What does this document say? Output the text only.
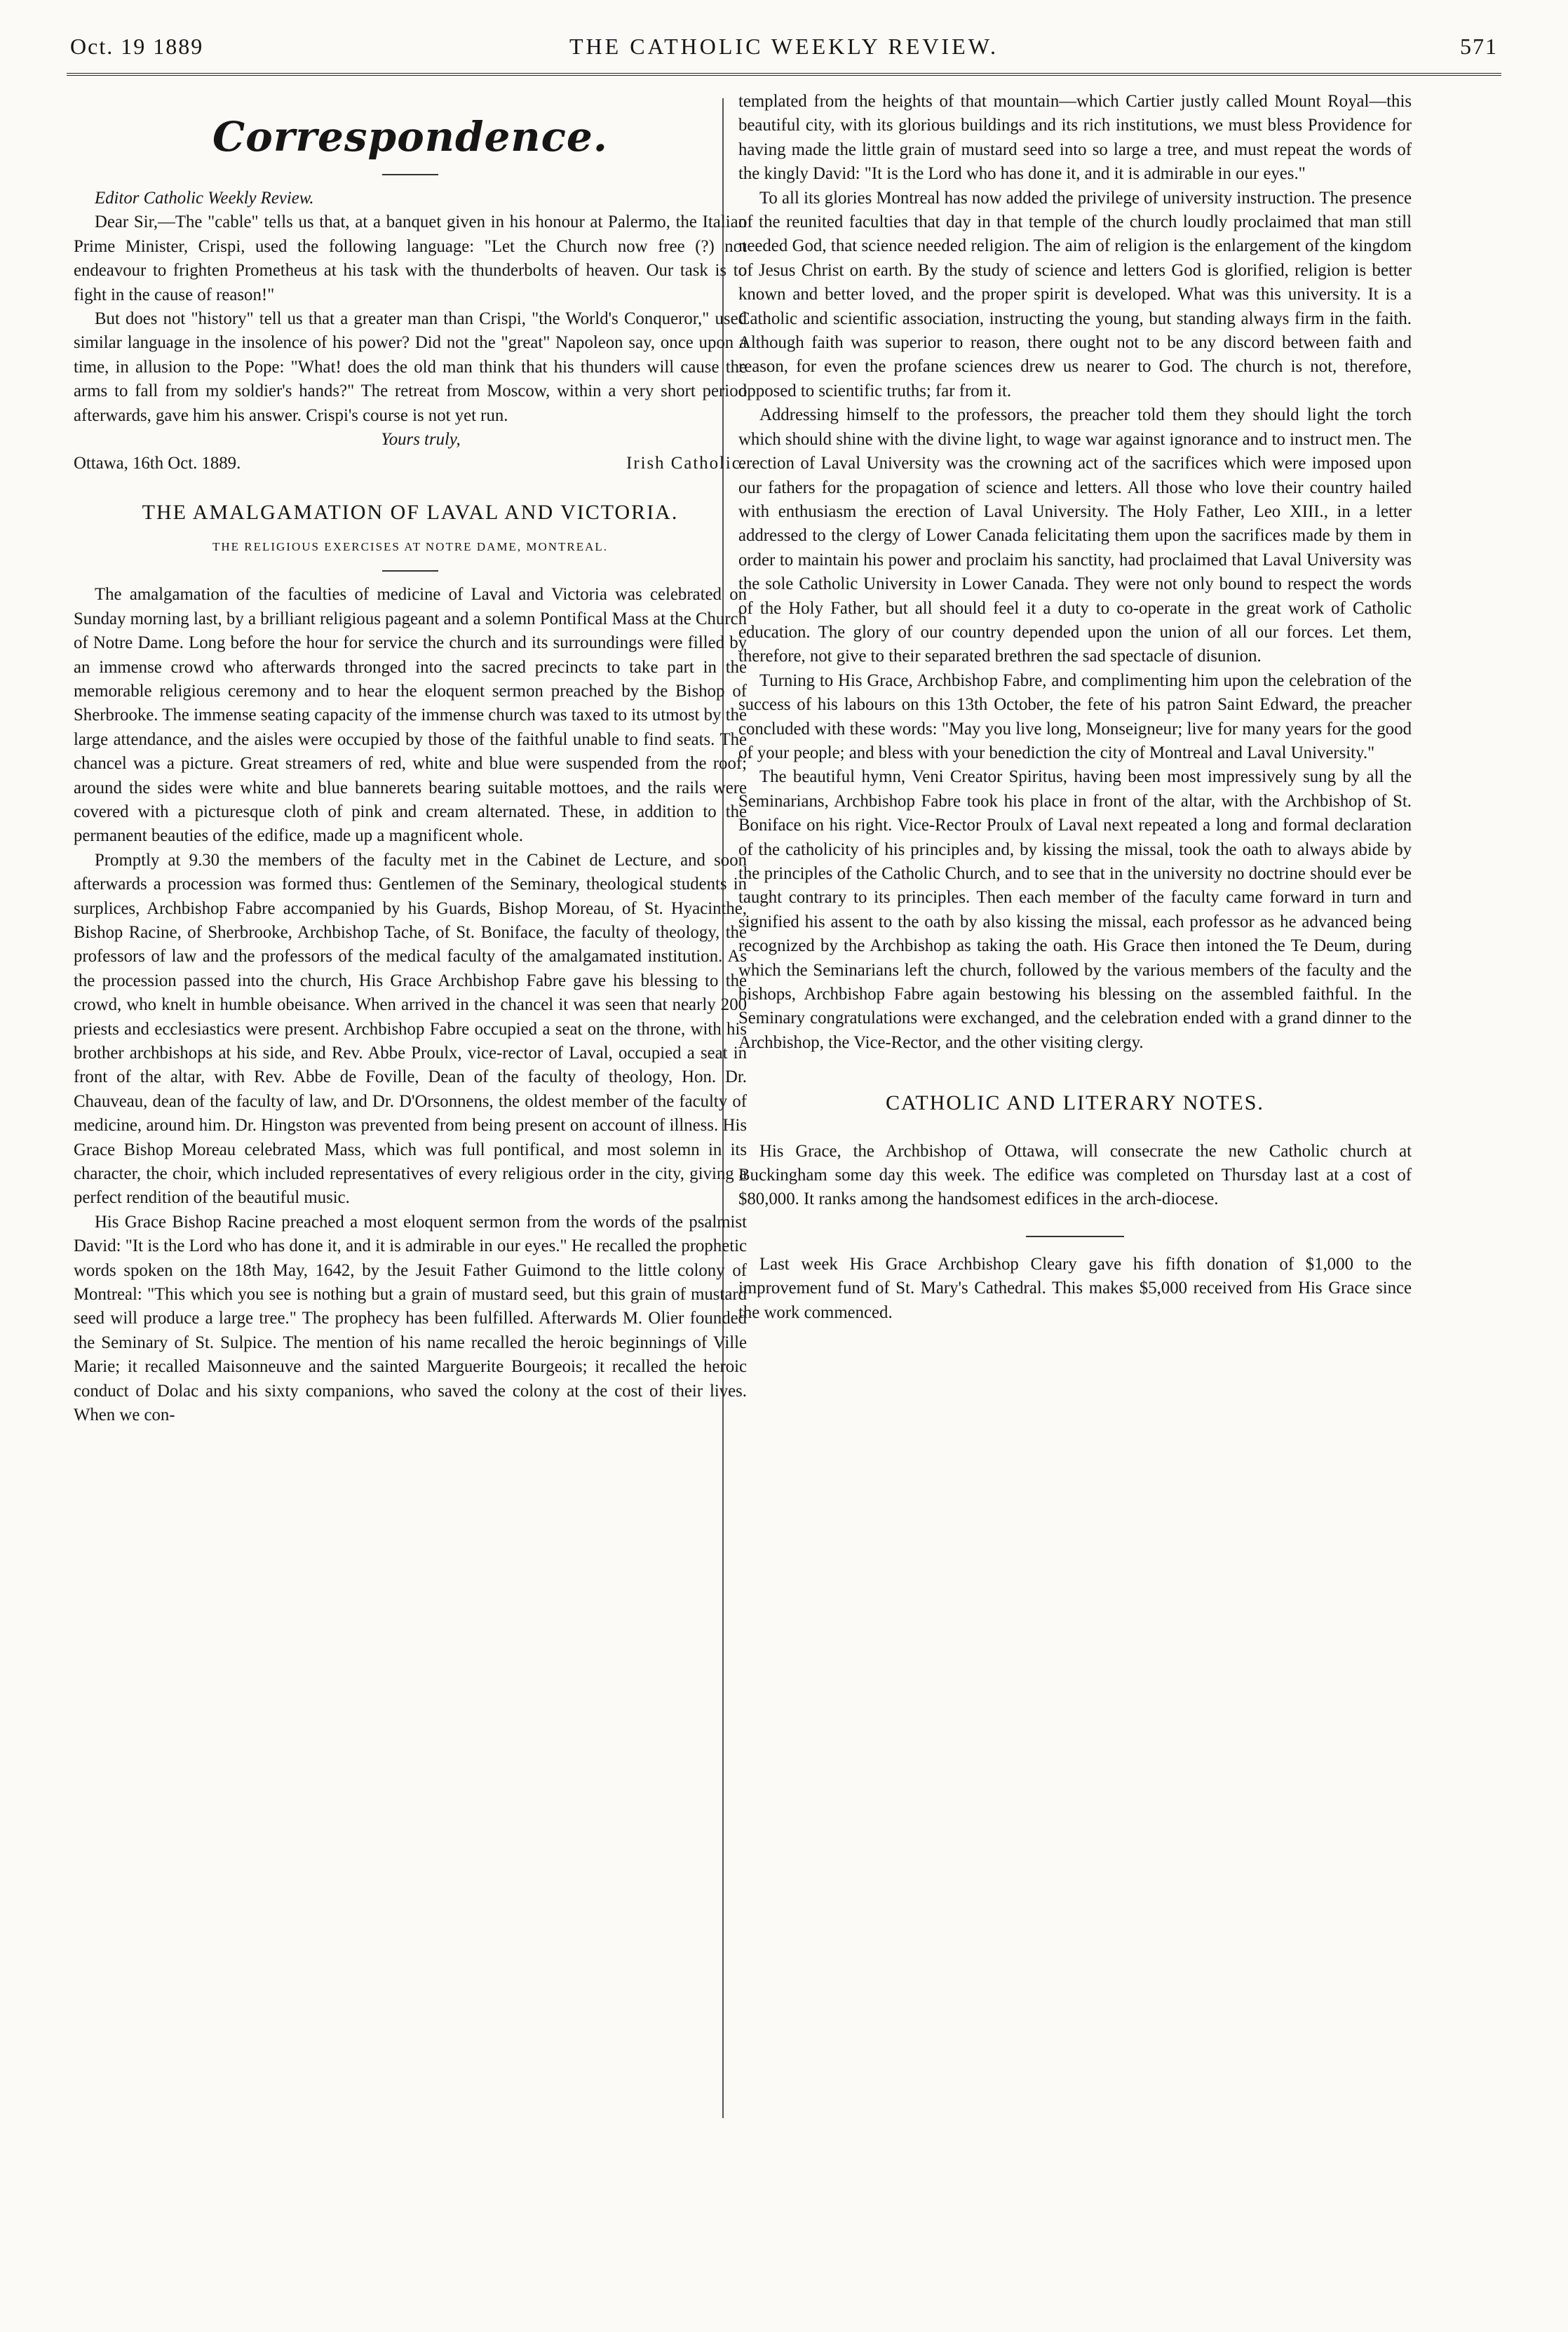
Oct. 19 1889	THE CATHOLIC WEEKLY REVIEW.	571
Correspondence.

Editor Catholic Weekly Review.

Dear Sir,—The "cable" tells us that, at a banquet given in his honour at Palermo, the Italian Prime Minister, Crispi, used the following language: "Let the Church now free (?) not endeavour to frighten Prometheus at his task with the thunderbolts of heaven. Our task is to fight in the cause of reason!"

But does not "history" tell us that a greater man than Crispi, "the World's Conqueror," used similar language in the insolence of his power? Did not the "great" Napoleon say, once upon a time, in allusion to the Pope: "What! does the old man think that his thunders will cause the arms to fall from my soldier's hands?" The retreat from Moscow, within a very short period afterwards, gave him his answer. Crispi's course is not yet run.

Yours truly,

Ottawa, 16th Oct. 1889.	Irish Catholic.
THE AMALGAMATION OF LAVAL AND VICTORIA.
THE RELIGIOUS EXERCISES AT NOTRE DAME, MONTREAL.

The amalgamation of the faculties of medicine of Laval and Victoria was celebrated on Sunday morning last, by a brilliant religious pageant and a solemn Pontifical Mass at the Church of Notre Dame. Long before the hour for service the church and its surroundings were filled by an immense crowd who afterwards thronged into the sacred precincts to take part in the memorable religious ceremony and to hear the eloquent sermon preached by the Bishop of Sherbrooke. The immense seating capacity of the immense church was taxed to its utmost by the large attendance, and the aisles were occupied by those of the faithful unable to find seats. The chancel was a picture. Great streamers of red, white and blue were suspended from the roof; around the sides were white and blue bannerets bearing suitable mottoes, and the rails were covered with a picturesque cloth of pink and cream alternated. These, in addition to the permanent beauties of the edifice, made up a magnificent whole.

Promptly at 9.30 the members of the faculty met in the Cabinet de Lecture, and soon afterwards a procession was formed thus: Gentlemen of the Seminary, theological students in surplices, Archbishop Fabre accompanied by his Guards, Bishop Moreau, of St. Hyacinthe, Bishop Racine, of Sherbrooke, Archbishop Tache, of St. Boniface, the faculty of theology, the professors of law and the professors of the medical faculty of the amalgamated institution. As the procession passed into the church, His Grace Archbishop Fabre gave his blessing to the crowd, who knelt in humble obeisance. When arrived in the chancel it was seen that nearly 200 priests and ecclesiastics were present. Archbishop Fabre occupied a seat on the throne, with his brother archbishops at his side, and Rev. Abbe Proulx, vice-rector of Laval, occupied a seat in front of the altar, with Rev. Abbe de Foville, Dean of the faculty of theology, Hon. Dr. Chauveau, dean of the faculty of law, and Dr. D'Orsonnens, the oldest member of the faculty of medicine, around him. Dr. Hingston was prevented from being present on account of illness. His Grace Bishop Moreau celebrated Mass, which was full pontifical, and most solemn in its character, the choir, which included representatives of every religious order in the city, giving a perfect rendition of the beautiful music.

His Grace Bishop Racine preached a most eloquent sermon from the words of the psalmist David: "It is the Lord who has done it, and it is admirable in our eyes." He recalled the prophetic words spoken on the 18th May, 1642, by the Jesuit Father Guimond to the little colony of Montreal: "This which you see is nothing but a grain of mustard seed, but this grain of mustard seed will produce a large tree." The prophecy has been fulfilled. Afterwards M. Olier founded the Seminary of St. Sulpice. The mention of his name recalled the heroic beginnings of Ville Marie; it recalled Maisonneuve and the sainted Marguerite Bourgeois; it recalled the heroic conduct of Dolac and his sixty companions, who saved the colony at the cost of their lives. When we con-

templated from the heights of that mountain—which Cartier justly called Mount Royal—this beautiful city, with its glorious buildings and its rich institutions, we must bless Providence for having made the little grain of mustard seed into so large a tree, and must repeat the words of the kingly David: "It is the Lord who has done it, and it is admirable in our eyes."

To all its glories Montreal has now added the privilege of university instruction. The presence of the reunited faculties that day in that temple of the church loudly proclaimed that man still needed God, that science needed religion. The aim of religion is the enlargement of the kingdom of Jesus Christ on earth. By the study of science and letters God is glorified, religion is better known and better loved, and the proper spirit is developed. What was this university. It is a Catholic and scientific association, instructing the young, but standing always firm in the faith. Although faith was superior to reason, there ought not to be any discord between faith and reason, for even the profane sciences drew us nearer to God. The church is not, therefore, opposed to scientific truths; far from it.

Addressing himself to the professors, the preacher told them they should light the torch which should shine with the divine light, to wage war against ignorance and to instruct men. The erection of Laval University was the crowning act of the sacrifices which were imposed upon our fathers for the propagation of science and letters. All those who love their country hailed with enthusiasm the erection of Laval University. The Holy Father, Leo XIII., in a letter addressed to the clergy of Lower Canada felicitating them upon the sacrifices made by them in order to maintain his power and proclaim his sanctity, had proclaimed that Laval University was the sole Catholic University in Lower Canada. They were not only bound to respect the words of the Holy Father, but all should feel it a duty to co-operate in the great work of Catholic education. The glory of our country depended upon the union of all our forces. Let them, therefore, not give to their separated brethren the sad spectacle of disunion.

Turning to His Grace, Archbishop Fabre, and complimenting him upon the celebration of the success of his labours on this 13th October, the fete of his patron Saint Edward, the preacher concluded with these words: "May you live long, Monseigneur; live for many years for the good of your people; and bless with your benediction the city of Montreal and Laval University."

The beautiful hymn, Veni Creator Spiritus, having been most impressively sung by all the Seminarians, Archbishop Fabre took his place in front of the altar, with the Archbishop of St. Boniface on his right. Vice-Rector Proulx of Laval next repeated a long and formal declaration of the catholicity of his principles and, by kissing the missal, took the oath to always abide by the principles of the Catholic Church, and to see that in the university no doctrine should ever be taught contrary to its principles. Then each member of the faculty came forward in turn and signified his assent to the oath by also kissing the missal, each professor as he advanced being recognized by the Archbishop as taking the oath. His Grace then intoned the Te Deum, during which the Seminarians left the church, followed by the various members of the faculty and the bishops, Archbishop Fabre again bestowing his blessing on the assembled faithful. In the Seminary congratulations were exchanged, and the celebration ended with a grand dinner to the Archbishop, the Vice-Rector, and the other visiting clergy.

CATHOLIC AND LITERARY NOTES.

His Grace, the Archbishop of Ottawa, will consecrate the new Catholic church at Buckingham some day this week. The edifice was completed on Thursday last at a cost of $80,000. It ranks among the handsomest edifices in the arch-diocese.

Last week His Grace Archbishop Cleary gave his fifth donation of $1,000 to the improvement fund of St. Mary's Cathedral. This makes $5,000 received from His Grace since the work commenced.
